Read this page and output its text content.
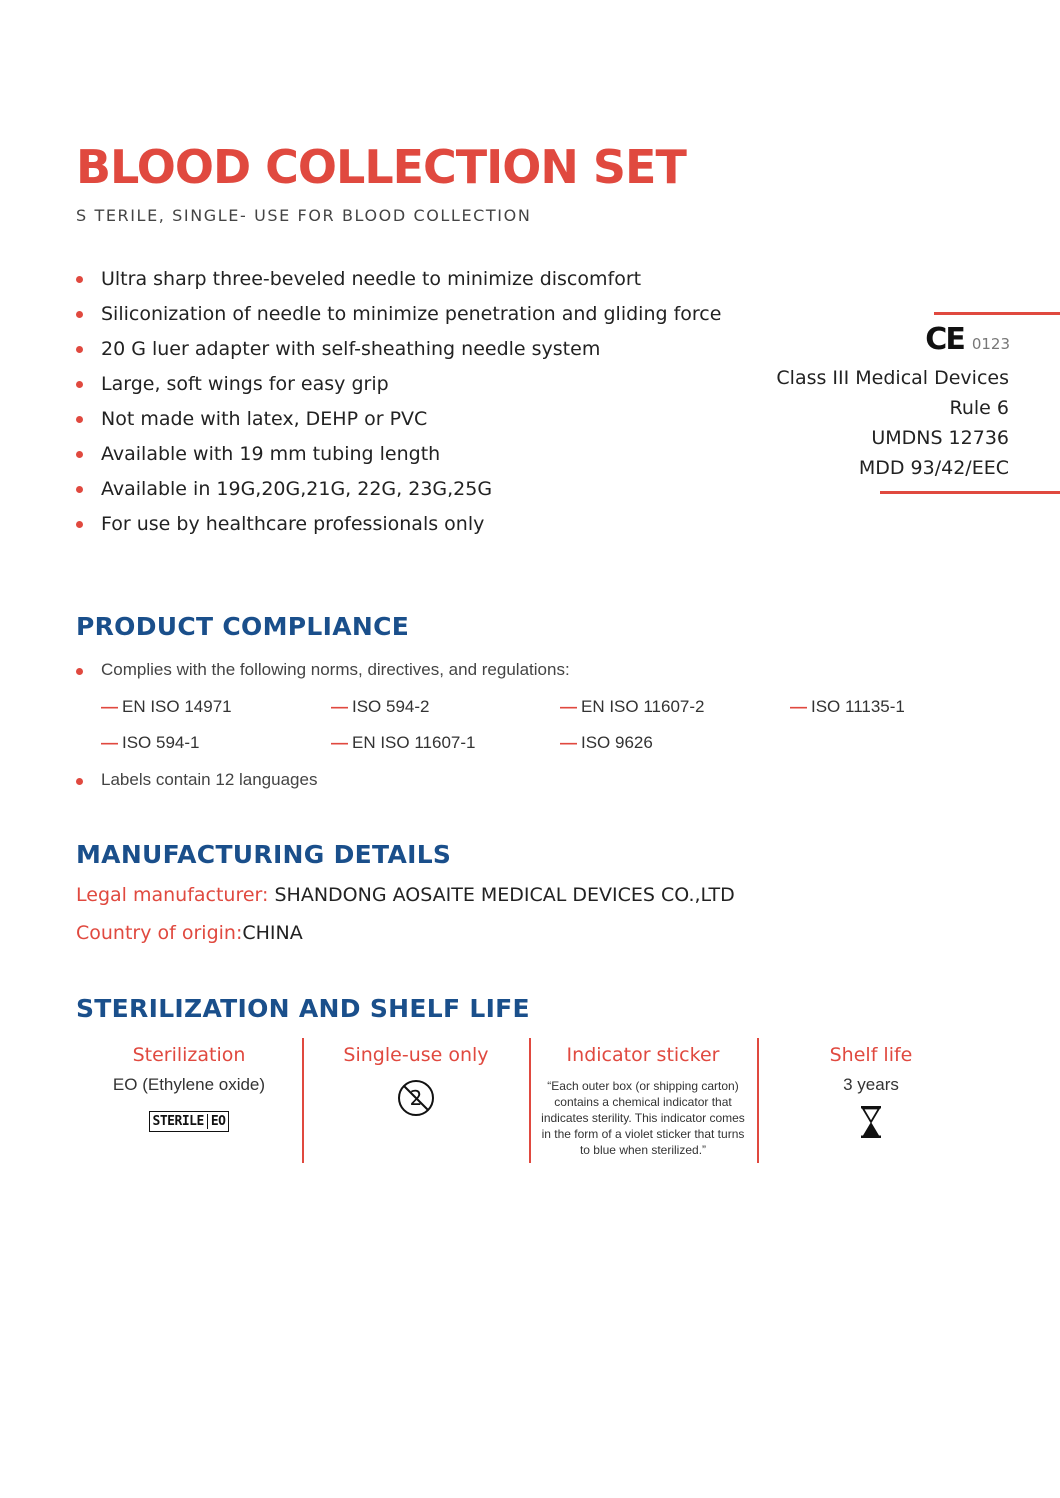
BLOOD COLLECTION SET
S TERILE, SINGLE- USE FOR BLOOD COLLECTION
Ultra sharp three-beveled needle to minimize discomfort
Siliconization of needle to minimize penetration and gliding force
20 G luer adapter with self-sheathing needle system
Large, soft wings for easy grip
Not made with latex, DEHP or PVC
Available with 19 mm tubing length
Available in 19G,20G,21G, 22G, 23G,25G
For use by healthcare professionals only
CE 0123
Class III Medical Devices
Rule 6
UMDNS 12736
MDD 93/42/EEC
PRODUCT COMPLIANCE
Complies with the following norms, directives, and regulations:
— EN ISO 14971	— ISO 594-2	— EN ISO 11607-2	— ISO 11135-1
— ISO 594-1	— EN ISO 11607-1	— ISO 9626
Labels contain 12 languages
MANUFACTURING DETAILS
Legal manufacturer: SHANDONG AOSAITE MEDICAL DEVICES CO.,LTD
Country of origin:CHINA
STERILIZATION AND SHELF LIFE
Sterilization
EO (Ethylene oxide)
STERILE EO
Single-use only
2
Indicator sticker
“Each outer box (or shipping carton) contains a chemical indicator that indicates sterility. This indicator comes in the form of a violet sticker that turns to blue when sterilized.”
Shelf life
3 years
